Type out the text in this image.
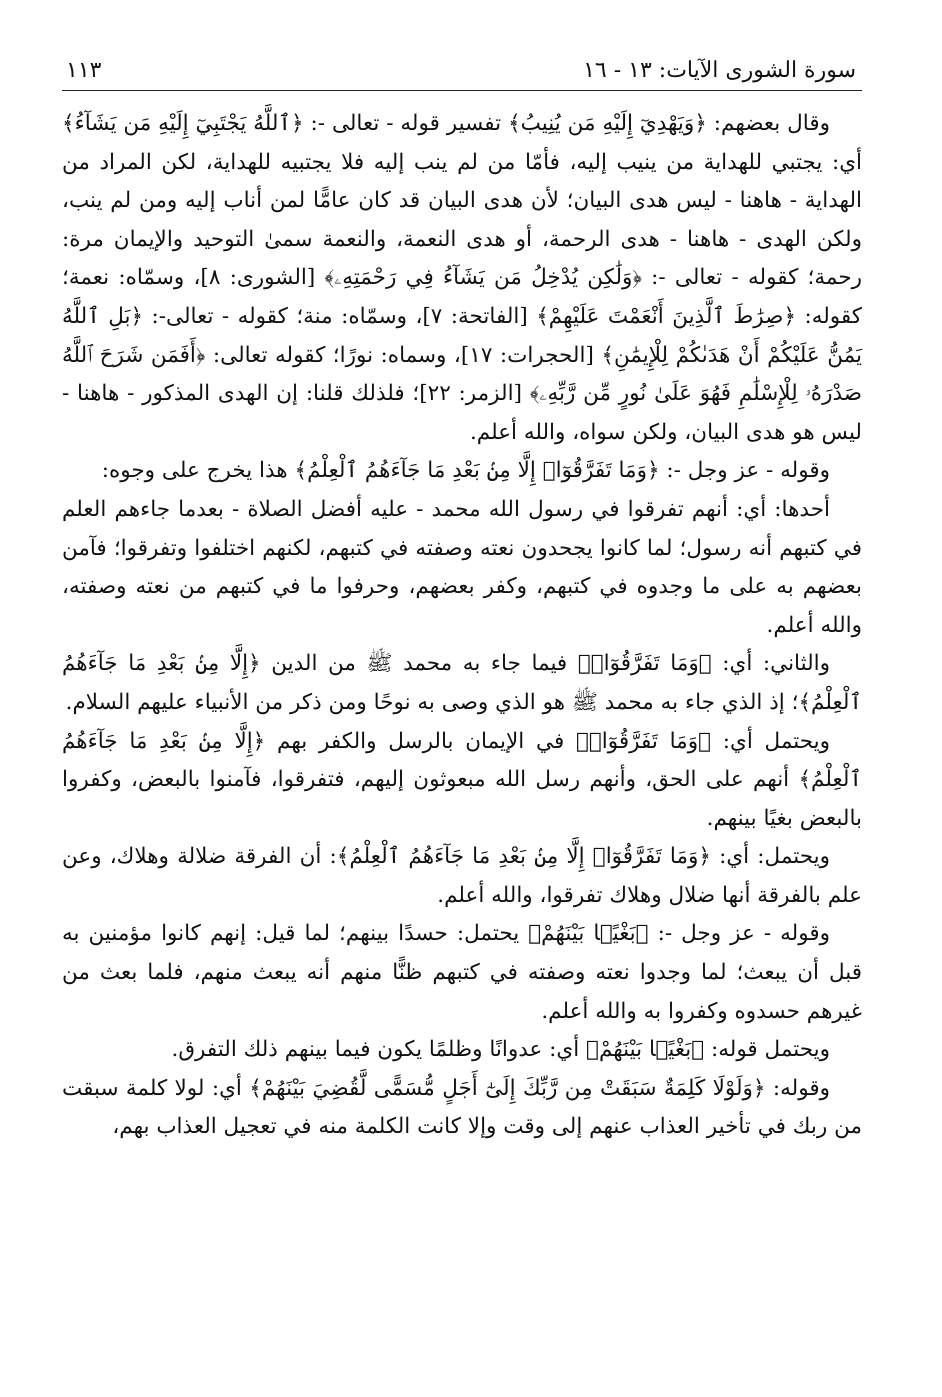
سورة الشورى الآيات: ١٣ - ١٦
١١٣

وقال بعضهم: ﴿وَيَهْدِيٓ إِلَيْهِ مَن يُنِيبُ﴾ تفسير قوله - تعالى -: ﴿ٱللَّهُ يَجْتَبِيٓ إِلَيْهِ مَن يَشَآءُ﴾ أي: يجتبي للهداية من ينيب إليه، فأمّا من لم ينب إليه فلا يجتبيه للهداية، لكن المراد من الهداية - هاهنا - ليس هدى البيان؛ لأن هدى البيان قد كان عامًّا لمن أناب إليه ومن لم ينب، ولكن الهدى - هاهنا - هدى الرحمة، أو هدى النعمة، والنعمة سمىٰ التوحيد والإيمان مرة: رحمة؛ كقوله - تعالى -: ﴿وَلَٰكِن يُدْخِلُ مَن يَشَآءُ فِي رَحْمَتِهِۦ﴾ [الشورى: ٨]، وسمّاه: نعمة؛ كقوله: ﴿صِرَٰطَ ٱلَّذِينَ أَنْعَمْتَ عَلَيْهِمْ﴾ [الفاتحة: ٧]، وسمّاه: منة؛ كقوله - تعالى-: ﴿بَلِ ٱللَّهُ يَمُنُّ عَلَيْكُمْ أَنْ هَدَىٰكُمْ لِلْإِيمَٰنِ﴾ [الحجرات: ١٧]، وسماه: نورًا؛ كقوله تعالى: ﴿أَفَمَن شَرَحَ ٱللَّهُ صَدْرَهُۥ لِلْإِسْلَٰمِ فَهُوَ عَلَىٰ نُورٍ مِّن رَّبِّهِۦ﴾ [الزمر: ٢٢]؛ فلذلك قلنا: إن الهدى المذكور - هاهنا - ليس هو هدى البيان، ولكن سواه، والله أعلم.

وقوله - عز وجل -: ﴿وَمَا تَفَرَّقُوٓا۟ إِلَّا مِنۢ بَعْدِ مَا جَآءَهُمُ ٱلْعِلْمُ﴾ هذا يخرج على وجوه:

أحدها: أي: أنهم تفرقوا في رسول الله محمد - عليه أفضل الصلاة - بعدما جاءهم العلم في كتبهم أنه رسول؛ لما كانوا يجحدون نعته وصفته في كتبهم، لكنهم اختلفوا وتفرقوا؛ فآمن بعضهم به على ما وجدوه في كتبهم، وكفر بعضهم، وحرفوا ما في كتبهم من نعته وصفته، والله أعلم.

والثاني: أي: ﴿وَمَا تَفَرَّقُوٓا۟﴾ فيما جاء به محمد ﷺ من الدين ﴿إِلَّا مِنۢ بَعْدِ مَا جَآءَهُمُ ٱلْعِلْمُ﴾؛ إذ الذي جاء به محمد ﷺ هو الذي وصى به نوحًا ومن ذكر من الأنبياء عليهم السلام.

ويحتمل أي: ﴿وَمَا تَفَرَّقُوٓا۟﴾ في الإيمان بالرسل والكفر بهم ﴿إِلَّا مِنۢ بَعْدِ مَا جَآءَهُمُ ٱلْعِلْمُ﴾ أنهم على الحق، وأنهم رسل الله مبعوثون إليهم، فتفرقوا، فآمنوا بالبعض، وكفروا بالبعض بغيًا بينهم.

ويحتمل: أي: ﴿وَمَا تَفَرَّقُوٓا۟ إِلَّا مِنۢ بَعْدِ مَا جَآءَهُمُ ٱلْعِلْمُ﴾: أن الفرقة ضلالة وهلاك، وعن علم بالفرقة أنها ضلال وهلاك تفرقوا، والله أعلم.

وقوله - عز وجل -: ﴿بَغْيًۢا بَيْنَهُمْ﴾ يحتمل: حسدًا بينهم؛ لما قيل: إنهم كانوا مؤمنين به قبل أن يبعث؛ لما وجدوا نعته وصفته في كتبهم ظنًّا منهم أنه يبعث منهم، فلما بعث من غيرهم حسدوه وكفروا به والله أعلم.

ويحتمل قوله: ﴿بَغْيًۢا بَيْنَهُمْ﴾ أي: عدوانًا وظلمًا يكون فيما بينهم ذلك التفرق.

وقوله: ﴿وَلَوْلَا كَلِمَةٌ سَبَقَتْ مِن رَّبِّكَ إِلَىٰٓ أَجَلٍ مُّسَمًّى لَّقُضِيَ بَيْنَهُمْ﴾ أي: لولا كلمة سبقت من ربك في تأخير العذاب عنهم إلى وقت وإلا كانت الكلمة منه في تعجيل العذاب بهم،
